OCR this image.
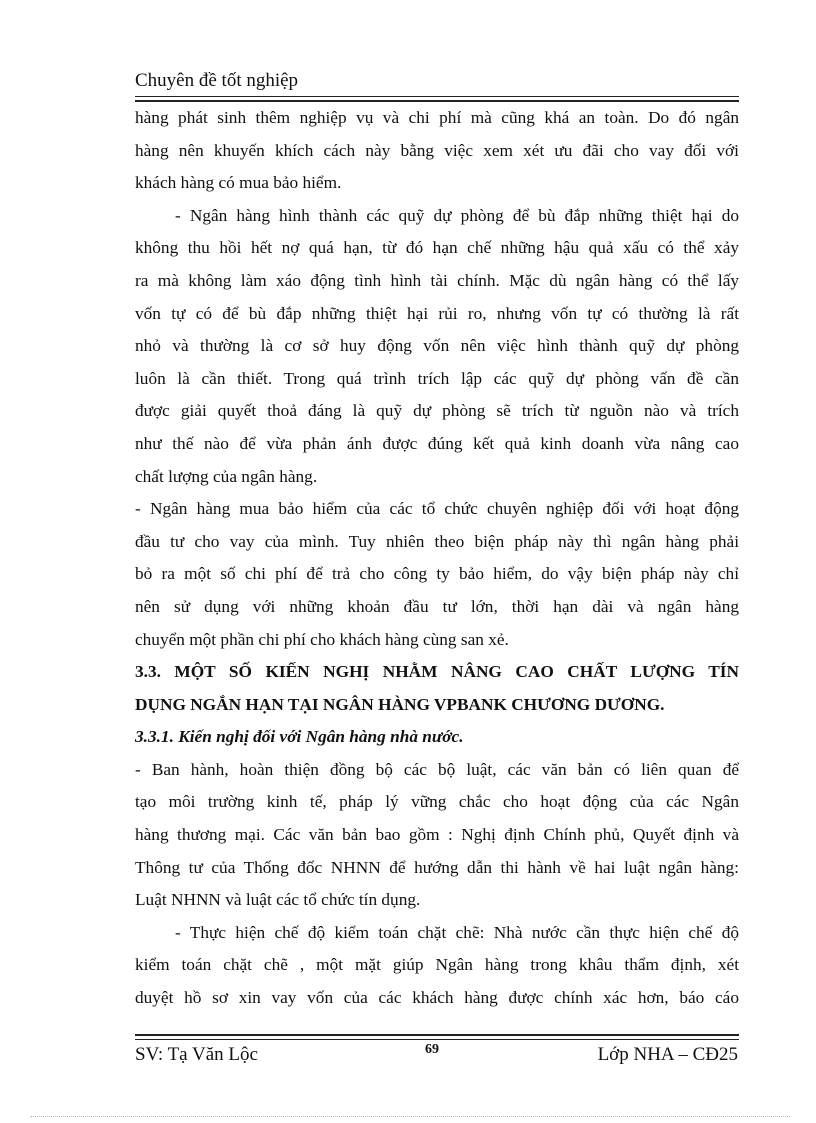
Chuyên đề tốt nghiệp
hàng phát sinh thêm nghiệp vụ và chi phí mà cũng khá an toàn. Do đó ngân
hàng nên khuyến khích cách này bằng việc xem xét ưu đãi cho vay đối với
khách hàng có mua bảo hiểm.
- Ngân hàng hình thành các quỹ dự phòng để bù đắp những thiệt hại do
không thu hồi hết nợ quá hạn, từ đó hạn chế những hậu quả xấu có thể xảy
ra mà không làm xáo động tình hình tài chính. Mặc dù ngân hàng có thể lấy
vốn tự có để bù đắp những thiệt hại rủi ro, nhưng vốn tự có thường là rất
nhỏ và thường là cơ sở huy động vốn nên việc hình thành quỹ dự phòng
luôn là cần thiết. Trong quá trình trích lập các quỹ dự phòng vấn đề cần
được giải quyết thoả đáng là quỹ dự phòng sẽ trích từ nguồn nào và trích
như thế nào để vừa phản ánh được đúng kết quả kinh doanh vừa nâng cao
chất lượng của ngân hàng.
- Ngân hàng mua bảo hiểm của các tổ chức chuyên nghiệp đối với hoạt động
đầu tư cho vay của mình. Tuy nhiên theo biện pháp này thì ngân hàng phải
bỏ ra một số chi phí để trả cho công ty bảo hiểm, do vậy biện pháp này chỉ
nên sử dụng với những khoản đầu tư lớn, thời hạn dài và ngân hàng
chuyển một phần chi phí cho khách hàng cùng san xẻ.
3.3. MỘT SỐ KIẾN NGHỊ NHẰM NÂNG CAO CHẤT LƯỢNG TÍN
DỤNG NGẮN HẠN TẠI NGÂN HÀNG VPBANK CHƯƠNG DƯƠNG.
3.3.1. Kiến nghị đối với Ngân hàng nhà nước.
- Ban hành, hoàn thiện đồng bộ các bộ luật, các văn bản có liên quan để
tạo môi trường kinh tế, pháp lý vững chắc cho hoạt động của các Ngân
hàng thương mại. Các văn bản bao gồm : Nghị định Chính phủ, Quyết định và
Thông tư của Thống đốc NHNN để hướng dẫn thi hành về hai luật ngân hàng:
Luật NHNN và luật các tổ chức tín dụng.
- Thực hiện chế độ kiểm toán chặt chẽ: Nhà nước cần thực hiện chế độ
kiểm toán chặt chẽ , một mặt giúp Ngân hàng trong khâu thẩm định, xét
duyệt hồ sơ xin vay vốn của các khách hàng được chính xác hơn, báo cáo
SV: Tạ Văn Lộc	69	Lớp NHA – CĐ25
